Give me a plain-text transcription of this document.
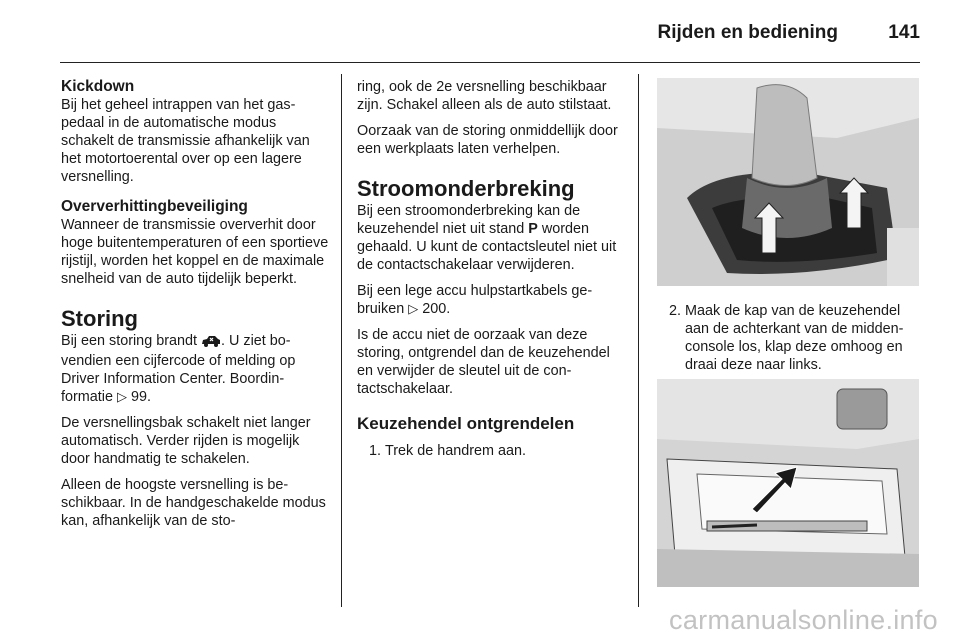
Rijden en bediening	141
Kickdown

Bij het geheel intrappen van het gaspedaal in de automatische modus schakelt de transmissie afhankelijk van het motortoerental over op een lagere versnelling.

Oververhittingbeveiliging

Wanneer de transmissie oververhit door hoge buitentemperaturen of een sportieve rijstijl, worden het koppel en de maximale snelheid van de auto tijdelijk beperkt.

Storing

Bij een storing brandt . U ziet bovendien een cijfercode of melding op Driver Information Center. Boordinformatie ▷ 99.

De versnellingsbak schakelt niet langer automatisch. Verder rijden is mogelijk door handmatig te schakelen.

Alleen de hoogste versnelling is beschikbaar. In de handgeschakelde modus kan, afhankelijk van de sto-

ring, ook de 2e versnelling beschikbaar zijn. Schakel alleen als de auto stilstaat.

Oorzaak van de storing onmiddellijk door een werkplaats laten verhelpen.

Stroomonderbreking

Bij een stroomonderbreking kan de keuzehendel niet uit stand P worden gehaald. U kunt de contactsleutel niet uit de contactschakelaar verwijderen.

Bij een lege accu hulpstartkabels gebruiken ▷ 200.

Is de accu niet de oorzaak van deze storing, ontgrendel dan de keuzehendel en verwijder de sleutel uit de contactschakelaar.

Keuzehendel ontgrendelen
1. Trek de handrem aan.
2. Maak de kap van de keuzehendel aan de achterkant van de middenconsole los, klap deze omhoog en draai deze naar links.
carmanualsonline.info
